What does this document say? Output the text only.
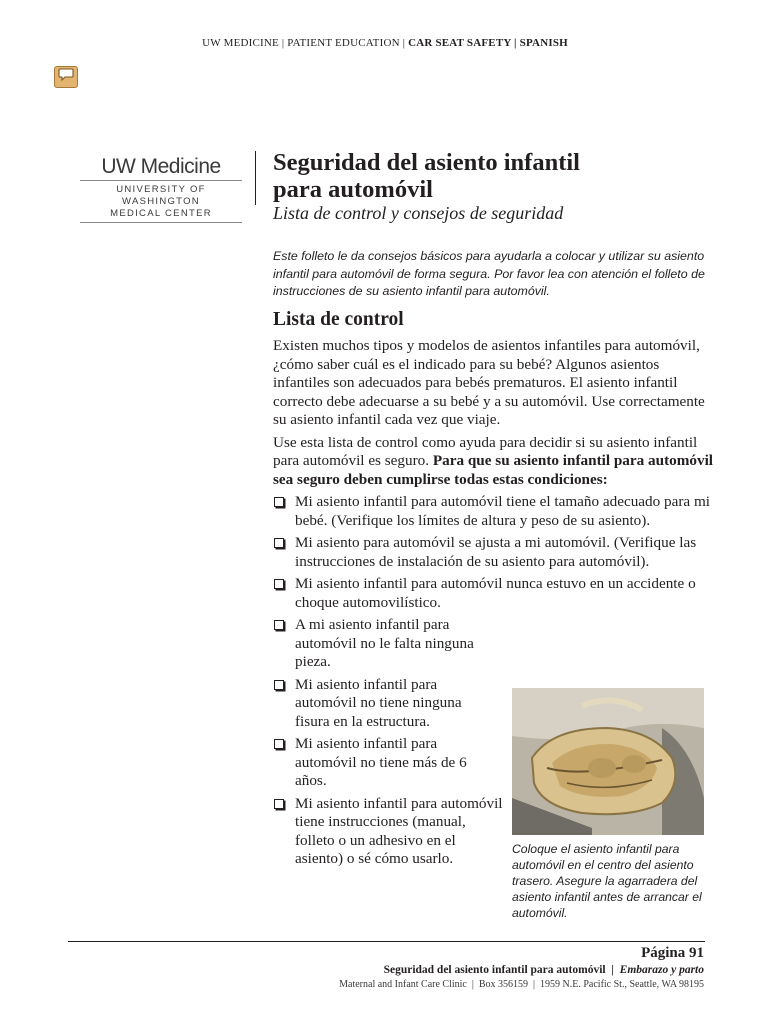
UW MEDICINE | PATIENT EDUCATION | CAR SEAT SAFETY | SPANISH
UW Medicine
UNIVERSITY OF WASHINGTON
MEDICAL CENTER
Seguridad del asiento infantil
para automóvil
Lista de control y consejos de seguridad
Este folleto le da consejos básicos para ayudarla a colocar y utilizar su asiento infantil para automóvil de forma segura. Por favor lea con atención el folleto de instrucciones de su asiento infantil para automóvil.
Lista de control

Existen muchos tipos y modelos de asientos infantiles para automóvil, ¿cómo saber cuál es el indicado para su bebé? Algunos asientos infantiles son adecuados para bebés prematuros. El asiento infantil correcto debe adecuarse a su bebé y a su automóvil. Use correctamente su asiento infantil cada vez que viaje.

Use esta lista de control como ayuda para decidir si su asiento infantil para automóvil es seguro. Para que su asiento infantil para automóvil sea seguro deben cumplirse todas estas condiciones:

Mi asiento infantil para automóvil tiene el tamaño adecuado para mi bebé. (Verifique los límites de altura y peso de su asiento).
Mi asiento para automóvil se ajusta a mi automóvil. (Verifique las instrucciones de instalación de su asiento para automóvil).
Mi asiento infantil para automóvil nunca estuvo en un accidente o choque automovilístico.
A mi asiento infantil para automóvil no le falta ninguna pieza.
Mi asiento infantil para automóvil no tiene ninguna fisura en la estructura.
Mi asiento infantil para automóvil no tiene más de 6 años.
Mi asiento infantil para automóvil tiene instrucciones (manual, folleto o un adhesivo en el asiento) o sé cómo usarlo.
Coloque el asiento infantil para automóvil en el centro del asiento trasero. Asegure la agarradera del asiento infantil antes de arrancar el automóvil.
Página 91
Seguridad del asiento infantil para automóvil  |  Embarazo y parto
Maternal and Infant Care Clinic  |  Box 356159  |  1959 N.E. Pacific St., Seattle, WA 98195
